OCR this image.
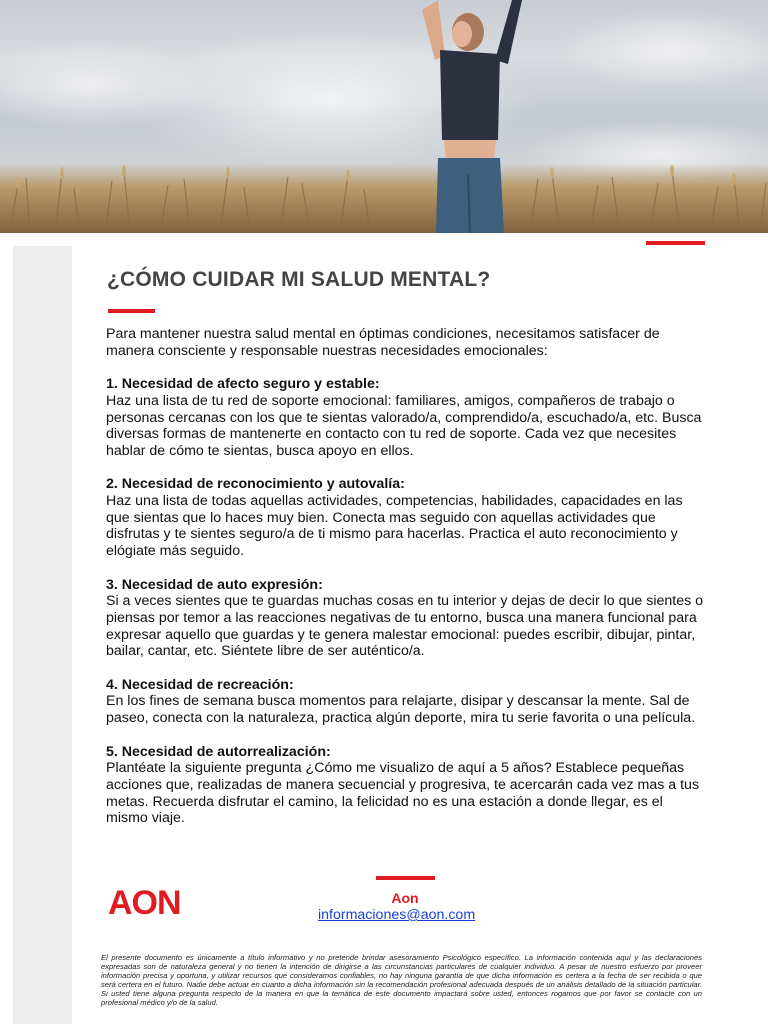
¿CÓMO CUIDAR MI SALUD MENTAL?

Para mantener nuestra salud mental en óptimas condiciones, necesitamos satisfacer de manera consciente y responsable nuestras necesidades emocionales:

1. Necesidad de afecto seguro y estable:
Haz una lista de tu red de soporte emocional: familiares, amigos, compañeros de trabajo o personas cercanas con los que te sientas valorado/a, comprendido/a, escuchado/a, etc. Busca diversas formas de mantenerte en contacto con tu red de soporte. Cada vez que necesites hablar de cómo te sientas, busca apoyo en ellos.
2. Necesidad de reconocimiento y autovalía:
Haz una lista de todas aquellas actividades, competencias, habilidades, capacidades en las que sientas que lo haces muy bien. Conecta mas seguido con aquellas actividades que disfrutas y te sientes seguro/a de ti mismo para hacerlas. Practica el auto reconocimiento y elógiate más seguido.
3. Necesidad de auto expresión:
Si a veces sientes que te guardas muchas cosas en tu interior y dejas de decir lo que sientes o piensas por temor a las reacciones negativas de tu entorno, busca una manera funcional para expresar aquello que guardas y te genera malestar emocional: puedes escribir, dibujar, pintar, bailar, cantar, etc. Siéntete libre de ser auténtico/a.
4. Necesidad de recreación:
En los fines de semana busca momentos para relajarte, disipar y descansar la mente. Sal de paseo, conecta con la naturaleza, practica algún deporte, mira tu serie favorita o una película.
5. Necesidad de autorrealización:
Plantéate la siguiente pregunta ¿Cómo me visualizo de aquí a 5 años? Establece pequeñas acciones que, realizadas de manera secuencial y progresiva, te acercarán cada vez mas a tus metas. Recuerda disfrutar el camino, la felicidad no es una estación a donde llegar, es el mismo viaje.
AON	Aon
informaciones@aon.com

El presente documento es únicamente a título informativo y no pretende brindar asesoramiento Psicológico específico. La información contenida aquí y las declaraciones expresadas son de naturaleza general y no tienen la intención de dirigirse a las circunstancias particulares de cualquier individuo. A pesar de nuestro esfuerzo por proveer información precisa y oportuna, y utilizar recursos que consideramos confiables, no hay ninguna garantía de que dicha información es certera a la fecha de ser recibida o que será certera en el futuro. Nadie debe actuar en cuanto a dicha información sin la recomendación profesional adecuada después de un análisis detallado de la situación particular. Si usted tiene alguna pregunta respecto de la manera en que la temática de este documento impactará sobre usted, entonces rogamos que por favor se contacte con un profesional médico y/o de la salud.
